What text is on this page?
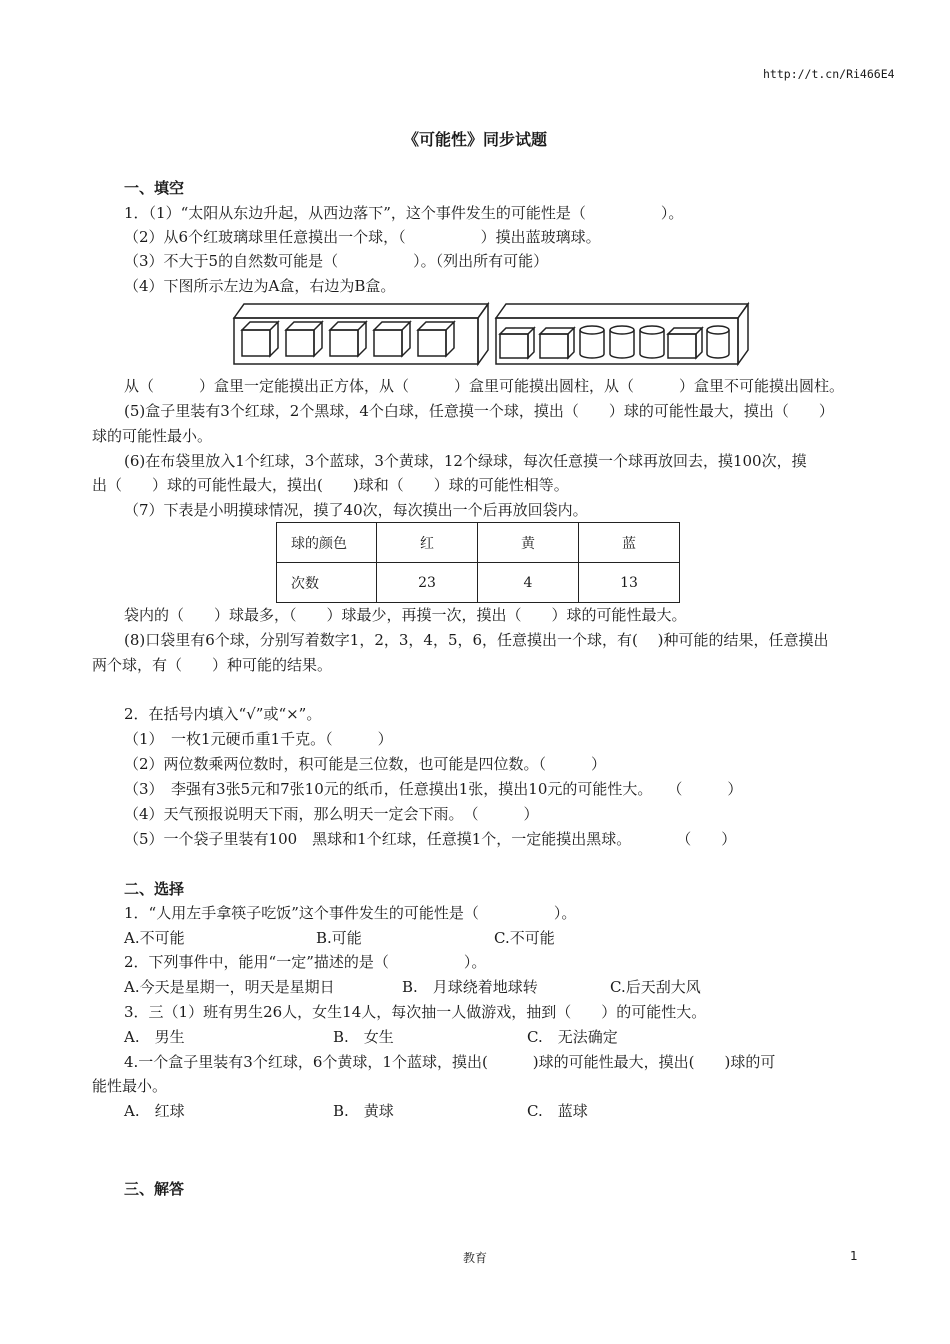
http://t.cn/Ri466E4
《可能性》同步试题
一、填空
1．（1）“太阳从东边升起，从西边落下”，这个事件发生的可能性是（　　　　　）。
（2）从6个红玻璃球里任意摸出一个球，（　　　　　）摸出蓝玻璃球。
（3）不大于5的自然数可能是（　　　　　）。（列出所有可能）
（4）下图所示左边为A盒，右边为B盒。
从（　　　）盒里一定能摸出正方体，从（　　　）盒里可能摸出圆柱，从（　　　）盒里不可能摸出圆柱。
(5)盒子里装有3个红球，2个黑球，4个白球，任意摸一个球，摸出（　　）球的可能性最大，摸出（　　）
球的可能性最小。
(6)在布袋里放入1个红球，3个蓝球，3个黄球，12个绿球，每次任意摸一个球再放回去，摸100次，摸
出（　　）球的可能性最大，摸出(　　)球和（　　）球的可能性相等。
（7）下表是小明摸球情况，摸了40次，每次摸出一个后再放回袋内。
球的颜色	红	黄	蓝
次数	23	4	13
袋内的（　　）球最多，（　　）球最少，再摸一次，摸出（　　）球的可能性最大。
(8)口袋里有6个球，分别写着数字1，2，3，4，5，6，任意摸出一个球，有(　 )种可能的结果，任意摸出
两个球，有（　　）种可能的结果。
2．在括号内填入“√”或“×”。
（1）　一枚1元硬币重1千克。（　　　）
（2）两位数乘两位数时，积可能是三位数，也可能是四位数。（　　　）
（3）　李强有3张5元和7张10元的纸币，任意摸出1张，摸出10元的可能性大。　　（　　　）
（4）天气预报说明天下雨，那么明天一定会下雨。　（　　　）
（5）一个袋子里装有100　黑球和1个红球，任意摸1个，一定能摸出黑球。　　　　（　　）
二、选择
1．“人用左手拿筷子吃饭”这个事件发生的可能性是（　　　　　）。
A.不可能	B.可能	C.不可能
2．下列事件中，能用“一定”描述的是（　　　　　）。
A.今天是星期一，明天是星期日	B.　月球绕着地球转	C.后天刮大风
3．三（1）班有男生26人，女生14人，每次抽一人做游戏，抽到（　　）的可能性大。
A.　男生	B.　女生	C.　无法确定
4.一个盒子里装有3个红球，6个黄球，1个蓝球，摸出(　　　)球的可能性最大，摸出(　　)球的可
能性最小。
A.　红球	B.　黄球	C.　蓝球
三、解答
教育	1
